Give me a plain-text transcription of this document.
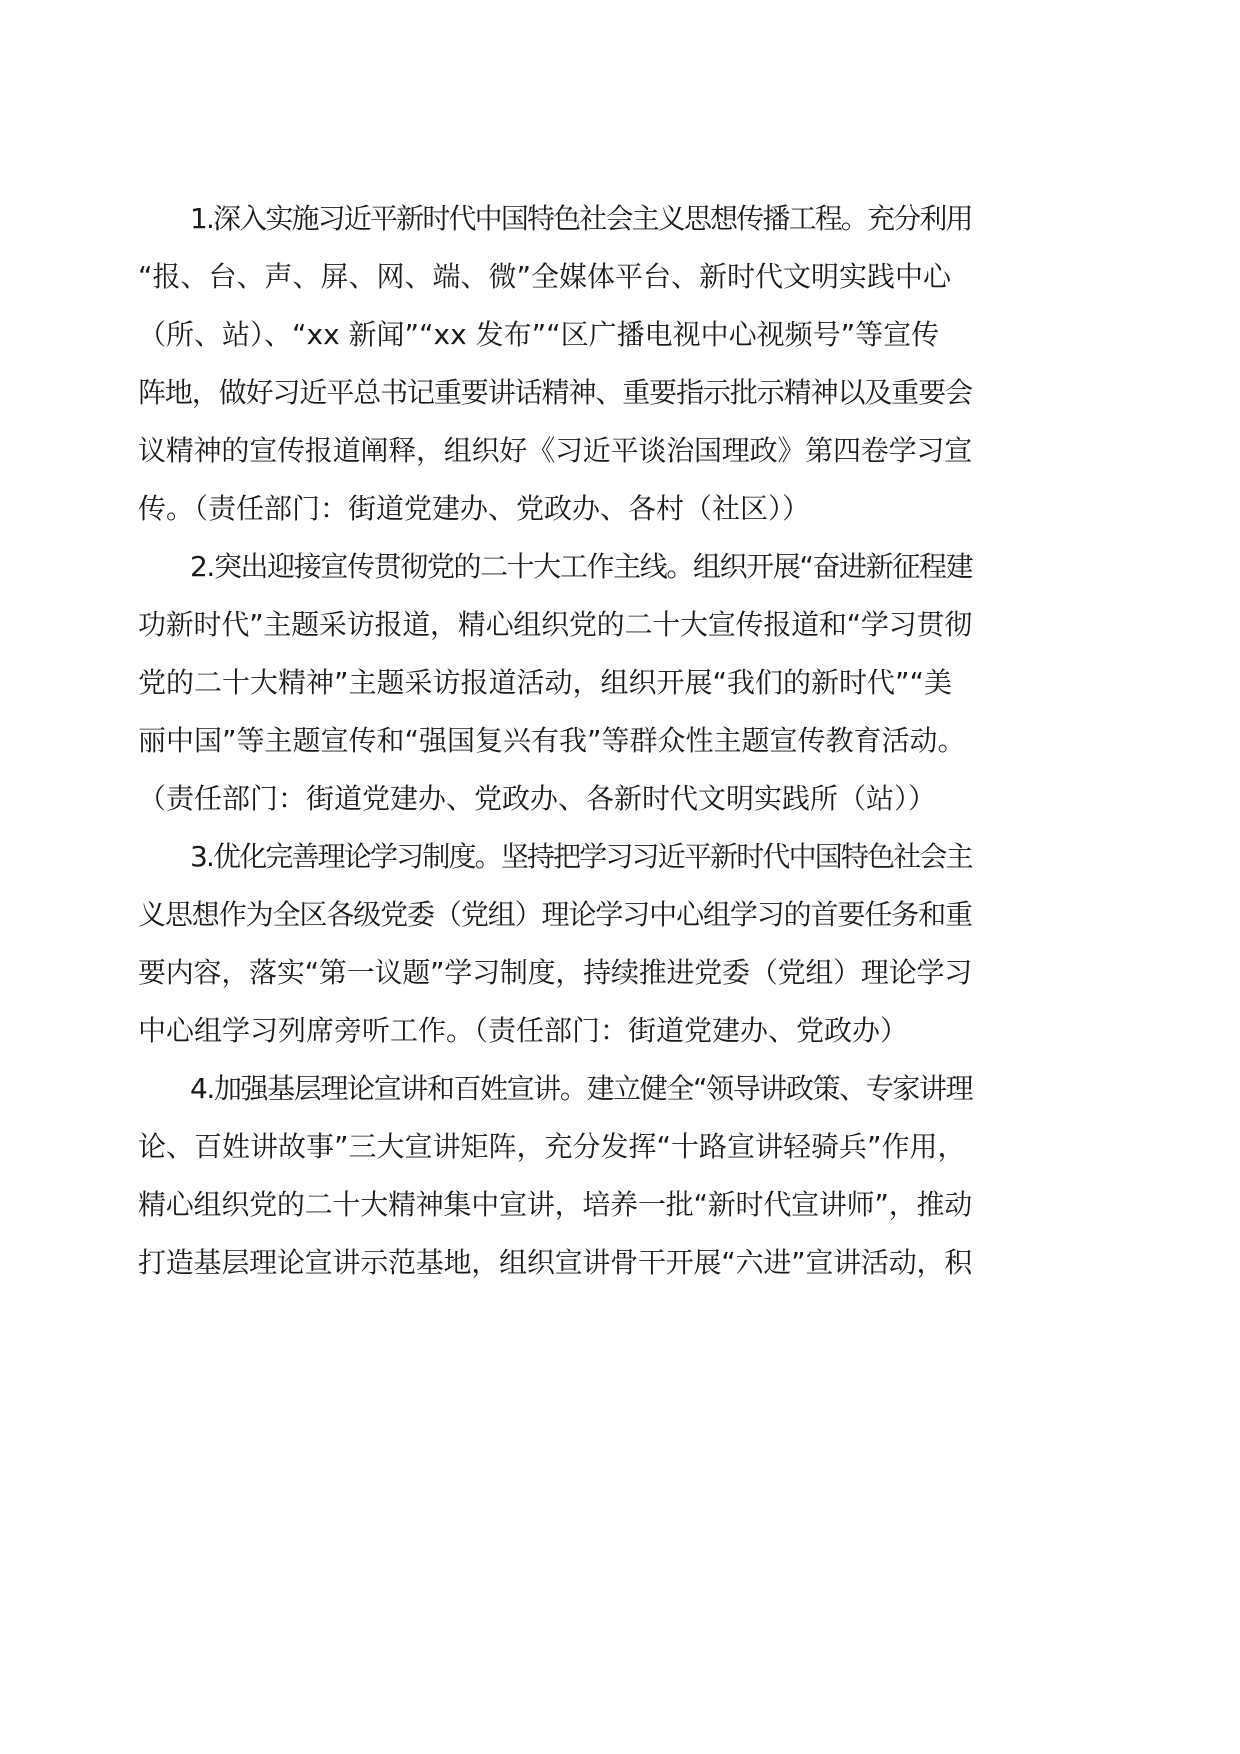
1.深入实施习近平新时代中国特色社会主义思想传播工程。充分利用
“报、台、声、屏、网、端、微”全媒体平台、新时代文明实践中心
（所、站）、“xx 新闻”“xx 发布”“区广播电视中心视频号”等宣传
阵地，做好习近平总书记重要讲话精神、重要指示批示精神以及重要会
议精神的宣传报道阐释，组织好《习近平谈治国理政》第四卷学习宣
传。（责任部门：街道党建办、党政办、各村（社区））
2.突出迎接宣传贯彻党的二十大工作主线。组织开展“奋进新征程建
功新时代”主题采访报道，精心组织党的二十大宣传报道和“学习贯彻
党的二十大精神”主题采访报道活动，组织开展“我们的新时代”“美
丽中国”等主题宣传和“强国复兴有我”等群众性主题宣传教育活动。
（责任部门：街道党建办、党政办、各新时代文明实践所（站））
3.优化完善理论学习制度。坚持把学习习近平新时代中国特色社会主
义思想作为全区各级党委（党组）理论学习中心组学习的首要任务和重
要内容，落实“第一议题”学习制度，持续推进党委（党组）理论学习
中心组学习列席旁听工作。（责任部门：街道党建办、党政办）
4.加强基层理论宣讲和百姓宣讲。建立健全“领导讲政策、专家讲理
论、百姓讲故事”三大宣讲矩阵，充分发挥“十路宣讲轻骑兵”作用，
精心组织党的二十大精神集中宣讲，培养一批“新时代宣讲师”，推动
打造基层理论宣讲示范基地，组织宣讲骨干开展“六进”宣讲活动，积
